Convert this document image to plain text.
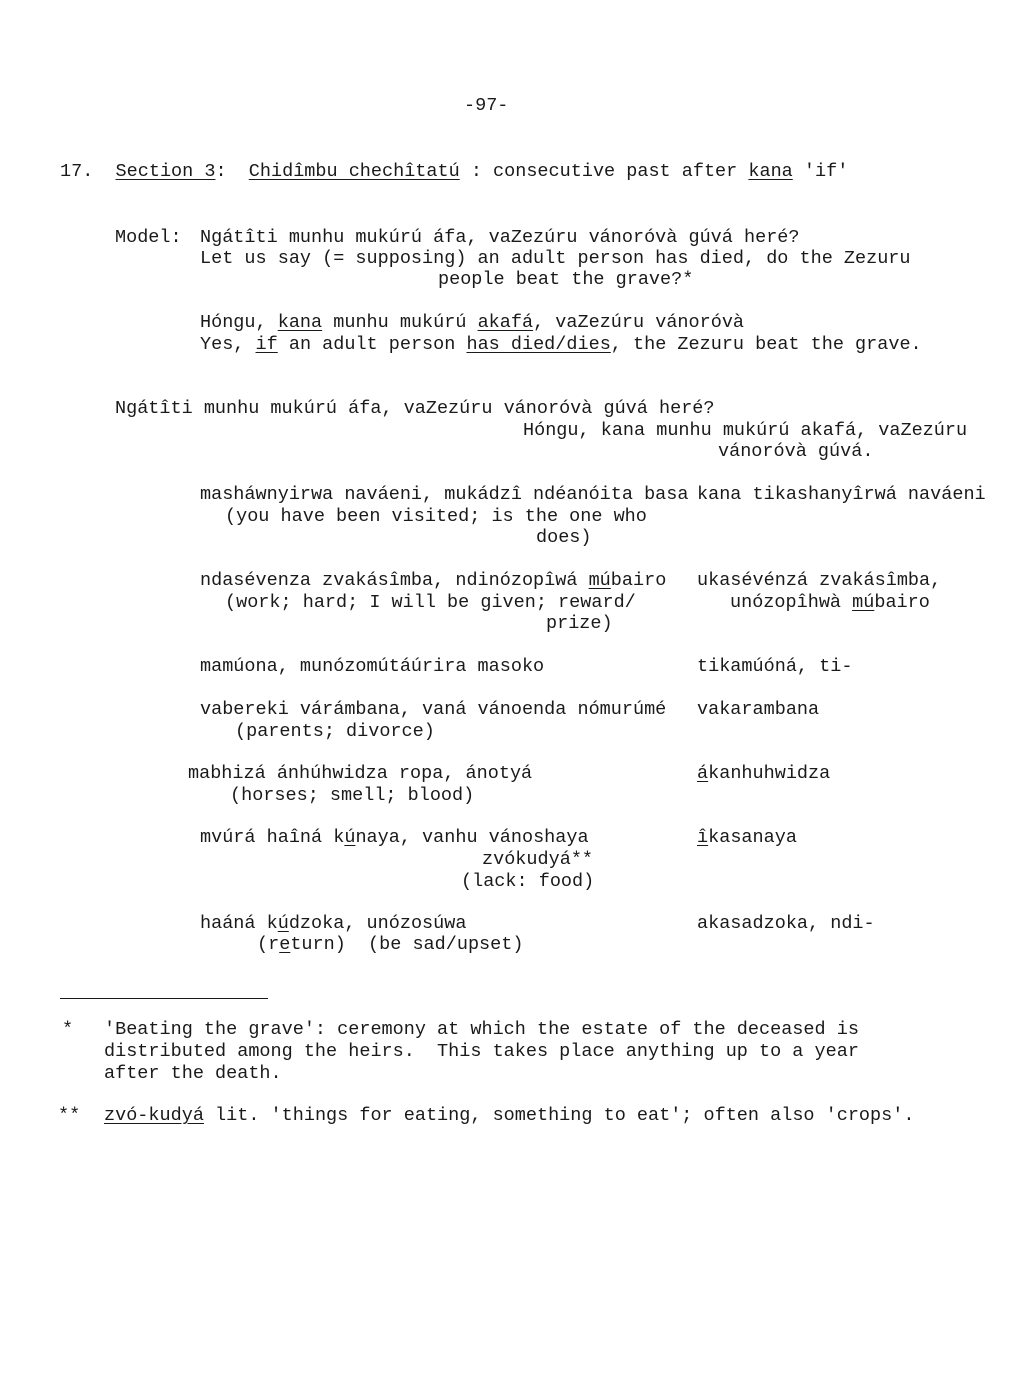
-97-
17. Section 3: Chidîmbu chechîtatú : consecutive past after kana 'if'
Model: Ngátîti munhu mukúrú áfa, vaZezúru vánoróvà gúvá heré?
Let us say (= supposing) an adult person has died, do the Zezuru
people beat the grave?*
Hóngu, kana munhu mukúrú akafá, vaZezúru vánoróvà
Yes, if an adult person has died/dies, the Zezuru beat the grave.
Ngátîti munhu mukúrú áfa, vaZezúru vánoróvà gúvá heré?
Hóngu, kana munhu mukúrú akafá, vaZezúru
vánoróvà gúvá.
masháwnyirwa naváeni, mukádzî ndéanóita basa
(you have been visited; is the one who
does)
kana tikashanyîrwá naváeni
ndasévenza zvakásîmba, ndinózopîwá múbairo
(work; hard; I will be given; reward/
prize)
ukasévénzá zvakásîmba,
unózopîhwà múbairo
mamúona, munózomútáúrira masoko	tikamúóná, ti-
vabereki várámbana, vaná vánoenda nómurúmé
(parents; divorce)
vakarambana
mabhizá ánhúhwidza ropa, ánotyá
(horses; smell; blood)
ákanhuhwidza
mvúrá haîná kúnaya, vanhu vánoshaya
zvókudyá**
(lack: food)
îkasanaya
haáná kúdzoka, unózosúwa
(return)  (be sad/upset)
akasadzoka, ndi-
* 'Beating the grave': ceremony at which the estate of the deceased is
distributed among the heirs.  This takes place anything up to a year
after the death.
** zvó-kudyá lit. 'things for eating, something to eat'; often also 'crops'.
